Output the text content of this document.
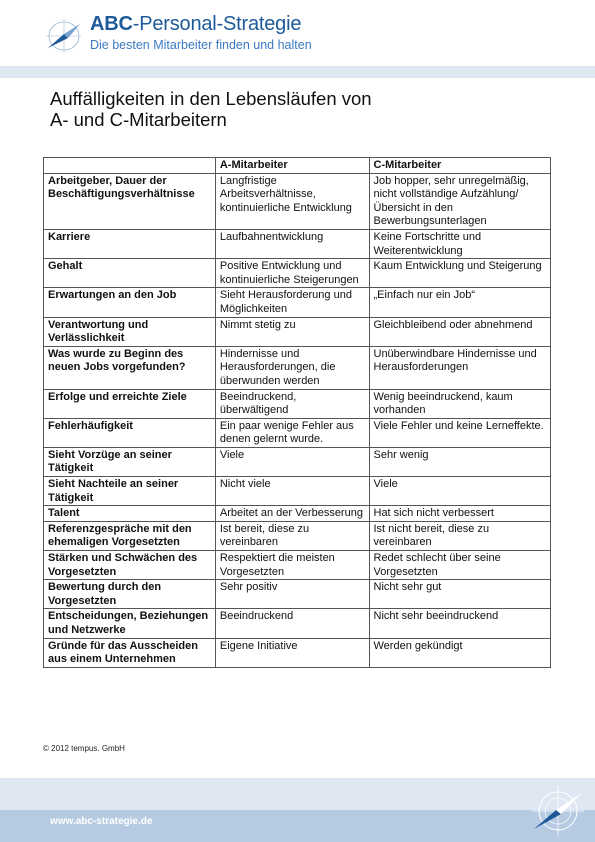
ABC-Personal-Strategie
Die besten Mitarbeiter finden und halten
Auffälligkeiten in den Lebensläufen von
A- und C-Mitarbeitern
	A-Mitarbeiter	C-Mitarbeiter
Arbeitgeber, Dauer der Beschäftigungsverhältnisse	Langfristige Arbeitsverhältnisse, kontinuierliche Entwicklung	Job hopper, sehr unregelmäßig, nicht vollständige Aufzählung/Übersicht in den Bewerbungsunterlagen
Karriere	Laufbahnentwicklung	Keine Fortschritte und Weiterentwicklung
Gehalt	Positive Entwicklung und kontinuierliche Steigerungen	Kaum Entwicklung und Steigerung
Erwartungen an den Job	Sieht Herausforderung und Möglichkeiten	„Einfach nur ein Job“
Verantwortung und Verlässlichkeit	Nimmt stetig zu	Gleichbleibend oder abnehmend
Was wurde zu Beginn des neuen Jobs vorgefunden?	Hindernisse und Herausforderungen, die überwunden werden	Unüberwindbare Hindernisse und Herausforderungen
Erfolge und erreichte Ziele	Beeindruckend, überwältigend	Wenig beeindruckend, kaum vorhanden
Fehlerhäufigkeit	Ein paar wenige Fehler aus denen gelernt wurde.	Viele Fehler und keine Lerneffekte.
Sieht Vorzüge an seiner Tätigkeit	Viele	Sehr wenig
Sieht Nachteile an seiner Tätigkeit	Nicht viele	Viele
Talent	Arbeitet an der Verbesserung	Hat sich nicht verbessert
Referenzgespräche mit den ehemaligen Vorgesetzten	Ist bereit, diese zu vereinbaren	Ist nicht bereit, diese zu vereinbaren
Stärken und Schwächen des Vorgesetzten	Respektiert die meisten Vorgesetzten	Redet schlecht über seine Vorgesetzten
Bewertung durch den Vorgesetzten	Sehr positiv	Nicht sehr gut
Entscheidungen, Beziehungen und Netzwerke	Beeindruckend	Nicht sehr beeindruckend
Gründe für das Ausscheiden aus einem Unternehmen	Eigene Initiative	Werden gekündigt
© 2012 tempus. GmbH
www.abc-strategie.de
